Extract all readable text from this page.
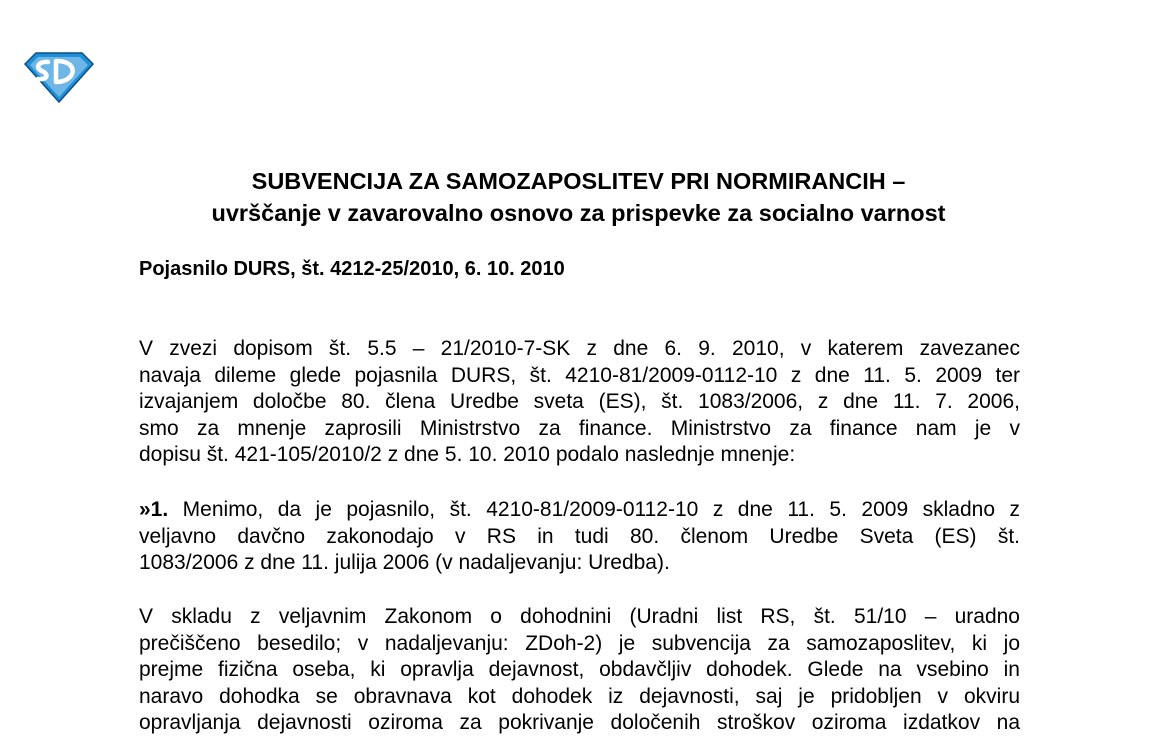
SUBVENCIJA ZA SAMOZAPOSLITEV PRI NORMIRANCIH –
uvrščanje v zavarovalno osnovo za prispevke za socialno varnost
Pojasnilo DURS, št. 4212-25/2010, 6. 10. 2010
V zvezi dopisom št. 5.5 – 21/2010-7-SK z dne 6. 9. 2010, v katerem zavezanec
navaja dileme glede pojasnila DURS, št. 4210-81/2009-0112-10 z dne 11. 5. 2009 ter
izvajanjem določbe 80. člena Uredbe sveta (ES), št. 1083/2006, z dne 11. 7. 2006,
smo za mnenje zaprosili Ministrstvo za finance. Ministrstvo za finance nam je v
dopisu št. 421-105/2010/2 z dne 5. 10. 2010 podalo naslednje mnenje:
»1. Menimo, da je pojasnilo, št. 4210-81/2009-0112-10 z dne 11. 5. 2009 skladno z
veljavno davčno zakonodajo v RS in tudi 80. členom Uredbe Sveta (ES) št.
1083/2006 z dne 11. julija 2006 (v nadaljevanju: Uredba).
V skladu z veljavnim Zakonom o dohodnini (Uradni list RS, št. 51/10 – uradno
prečiščeno besedilo; v nadaljevanju: ZDoh-2) je subvencija za samozaposlitev, ki jo
prejme fizična oseba, ki opravlja dejavnost, obdavčljiv dohodek. Glede na vsebino in
naravo dohodka se obravnava kot dohodek iz dejavnosti, saj je pridobljen v okviru
opravljanja dejavnosti oziroma za pokrivanje določenih stroškov oziroma izdatkov na
